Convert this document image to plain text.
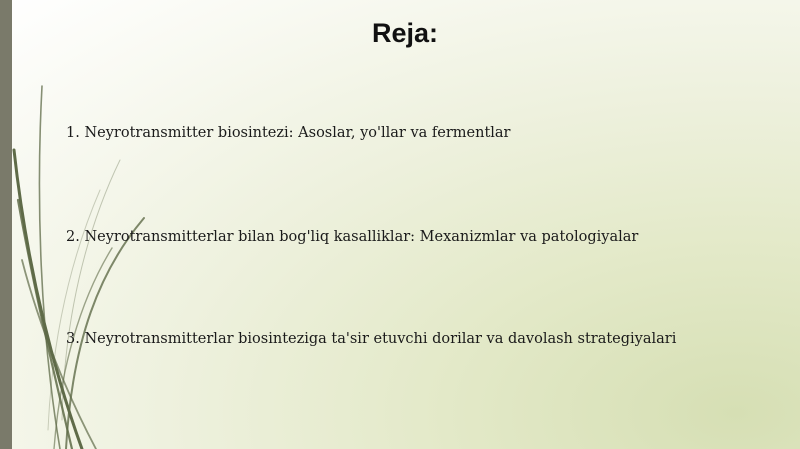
Reja:
1. Neyrotransmitter biosintezi: Asoslar, yo'llar va fermentlar
2. Neyrotransmitterlar bilan bog'liq kasalliklar: Mexanizmlar va patologiyalar
3. Neyrotransmitterlar biosinteziga ta'sir etuvchi dorilar va davolash strategiyalari
